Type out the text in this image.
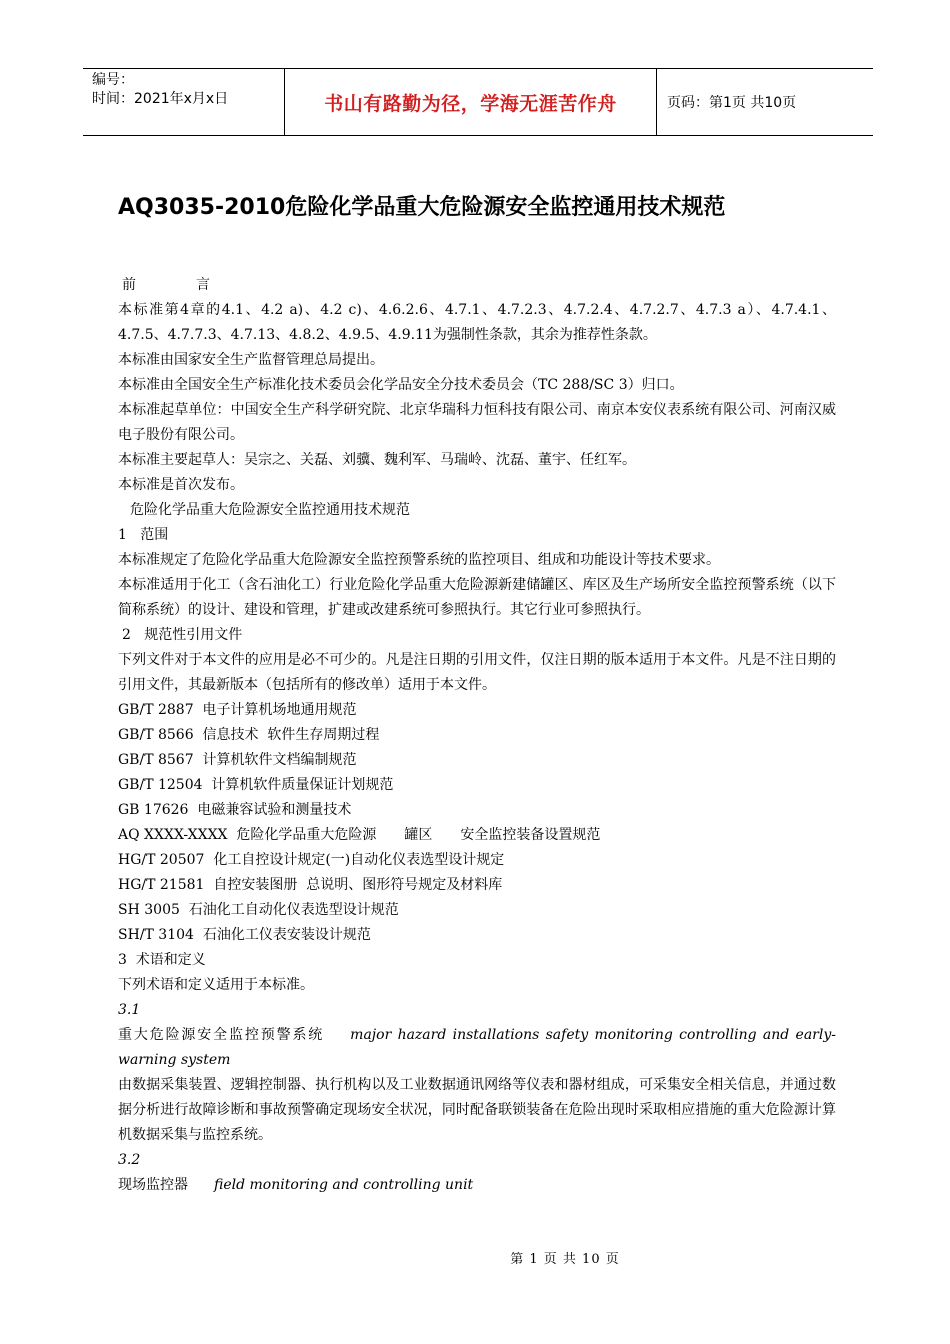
编号：
时间：2021年x月x日	书山有路勤为径，学海无涯苦作舟	页码：第1页 共10页
AQ3035-2010危险化学品重大危险源安全监控通用技术规范

前	言

本标准第4章的4.1、4.2 a)、4.2 c)、4.6.2.6、4.7.1、4.7.2.3、4.7.2.4、4.7.2.7、4.7.3 a）、4.7.4.1、4.7.5、4.7.7.3、4.7.13、4.8.2、4.9.5、4.9.11为强制性条款，其余为推荐性条款。

本标准由国家安全生产监督管理总局提出。

本标准由全国安全生产标准化技术委员会化学品安全分技术委员会（TC 288/SC 3）归口。

本标准起草单位：中国安全生产科学研究院、北京华瑞科力恒科技有限公司、南京本安仪表系统有限公司、河南汉威电子股份有限公司。

本标准主要起草人：吴宗之、关磊、刘骥、魏利军、马瑞岭、沈磊、董宇、任红军。

本标准是首次发布。

危险化学品重大危险源安全监控通用技术规范

1   范围

本标准规定了危险化学品重大危险源安全监控预警系统的监控项目、组成和功能设计等技术要求。

本标准适用于化工（含石油化工）行业危险化学品重大危险源新建储罐区、库区及生产场所安全监控预警系统（以下简称系统）的设计、建设和管理，扩建或改建系统可参照执行。其它行业可参照执行。

2   规范性引用文件

下列文件对于本文件的应用是必不可少的。凡是注日期的引用文件，仅注日期的版本适用于本文件。凡是不注日期的引用文件，其最新版本（包括所有的修改单）适用于本文件。

GB/T 2887  电子计算机场地通用规范

GB/T 8566  信息技术  软件生存周期过程

GB/T 8567  计算机软件文档编制规范

GB/T 12504  计算机软件质量保证计划规范

GB 17626  电磁兼容试验和测量技术

AQ XXXX-XXXX  危险化学品重大危险源 罐区 安全监控装备设置规范

HG/T 20507  化工自控设计规定(一)自动化仪表选型设计规定

HG/T 21581  自控安装图册  总说明、图形符号规定及材料库

SH 3005  石油化工自动化仪表选型设计规范

SH/T 3104  石油化工仪表安装设计规范

3  术语和定义

下列术语和定义适用于本标准。

3.1

重大危险源安全监控预警系统 major hazard installations safety monitoring controlling and early-warning system

由数据采集装置、逻辑控制器、执行机构以及工业数据通讯网络等仪表和器材组成，可采集安全相关信息，并通过数据分析进行故障诊断和事故预警确定现场安全状况，同时配备联锁装备在危险出现时采取相应措施的重大危险源计算机数据采集与监控系统。

3.2

现场监控器 field monitoring and controlling unit

第 1 页 共 10 页
